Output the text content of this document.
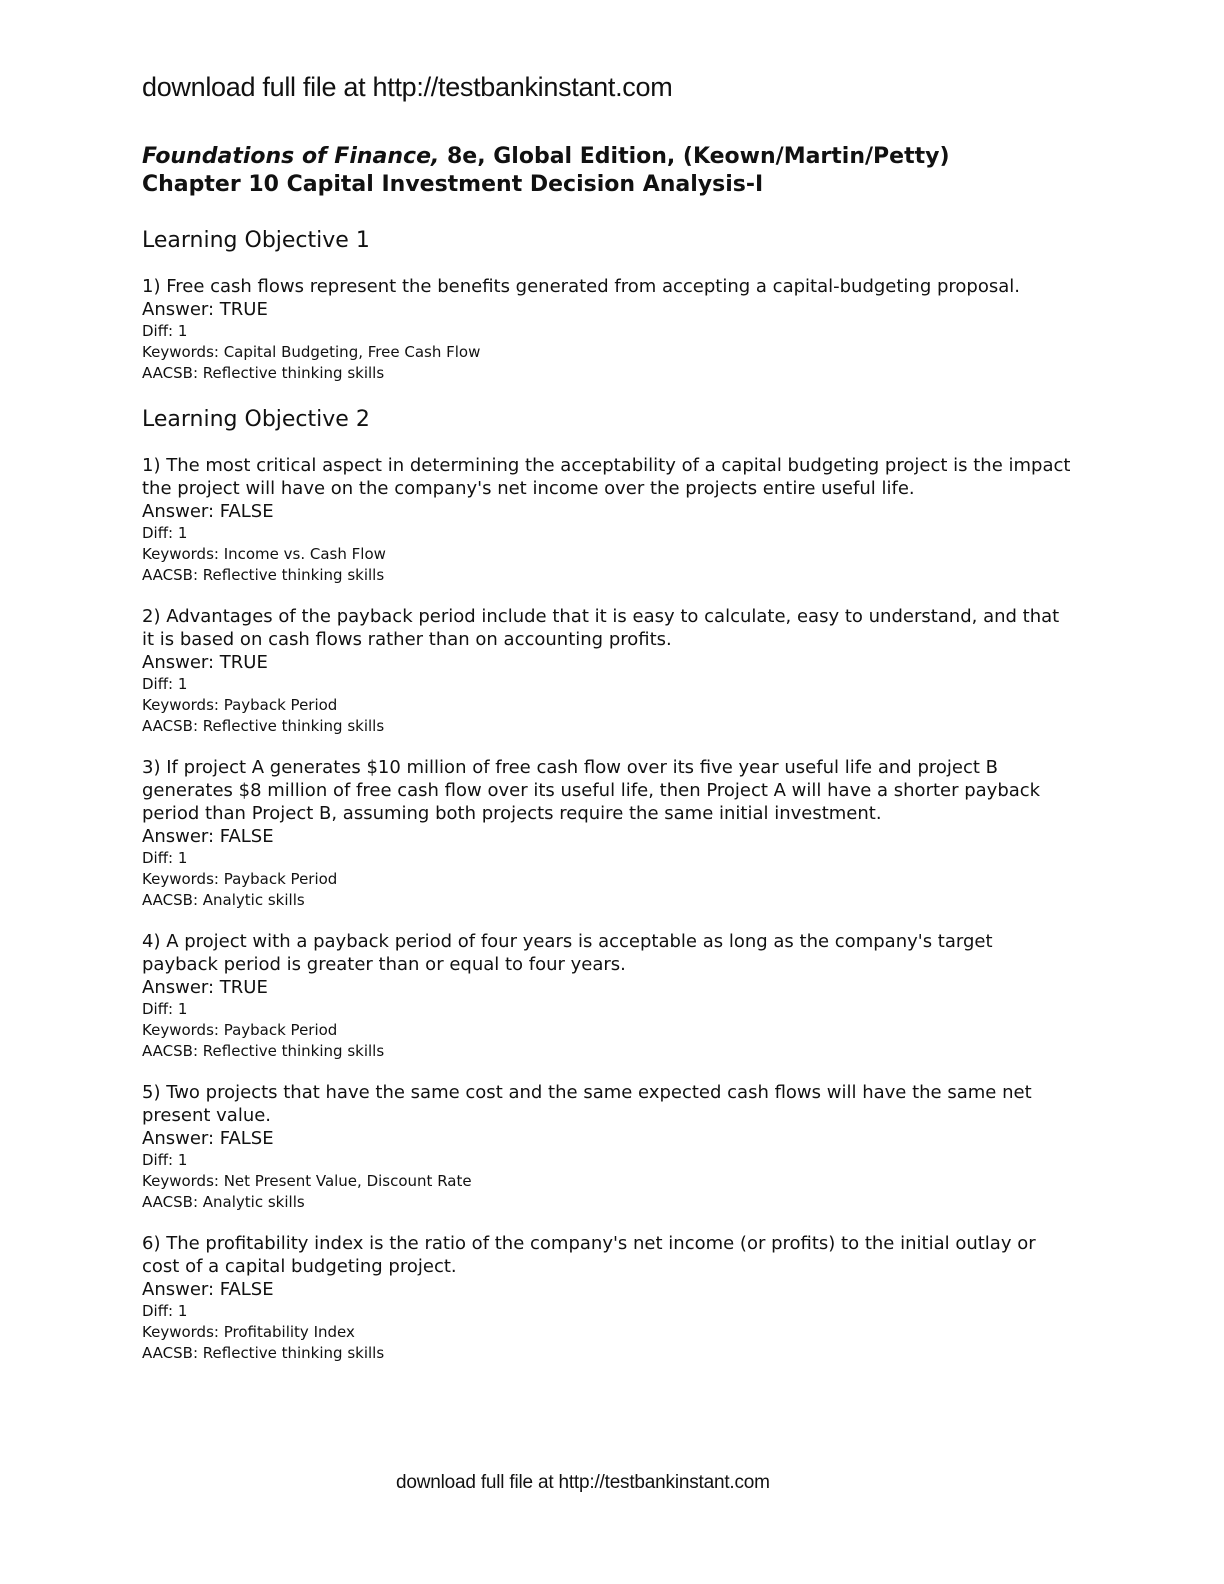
download full file at http://testbankinstant.com
Foundations of Finance, 8e, Global Edition, (Keown/Martin/Petty)
Chapter 10 Capital Investment Decision Analysis-I
Learning Objective 1
1) Free cash flows represent the benefits generated from accepting a capital-budgeting proposal.
Answer: TRUE
Diff: 1
Keywords: Capital Budgeting, Free Cash Flow
AACSB: Reflective thinking skills
Learning Objective 2
1) The most critical aspect in determining the acceptability of a capital budgeting project is the impact the project will have on the company's net income over the projects entire useful life.
Answer: FALSE
Diff: 1
Keywords: Income vs. Cash Flow
AACSB: Reflective thinking skills
2) Advantages of the payback period include that it is easy to calculate, easy to understand, and that it is based on cash flows rather than on accounting profits.
Answer: TRUE
Diff: 1
Keywords: Payback Period
AACSB: Reflective thinking skills
3) If project A generates $10 million of free cash flow over its five year useful life and project B generates $8 million of free cash flow over its useful life, then Project A will have a shorter payback period than Project B, assuming both projects require the same initial investment.
Answer: FALSE
Diff: 1
Keywords: Payback Period
AACSB: Analytic skills
4) A project with a payback period of four years is acceptable as long as the company's target payback period is greater than or equal to four years.
Answer: TRUE
Diff: 1
Keywords: Payback Period
AACSB: Reflective thinking skills
5) Two projects that have the same cost and the same expected cash flows will have the same net present value.
Answer: FALSE
Diff: 1
Keywords: Net Present Value, Discount Rate
AACSB: Analytic skills
6) The profitability index is the ratio of the company's net income (or profits) to the initial outlay or cost of a capital budgeting project.
Answer: FALSE
Diff: 1
Keywords: Profitability Index
AACSB: Reflective thinking skills
download full file at http://testbankinstant.com
